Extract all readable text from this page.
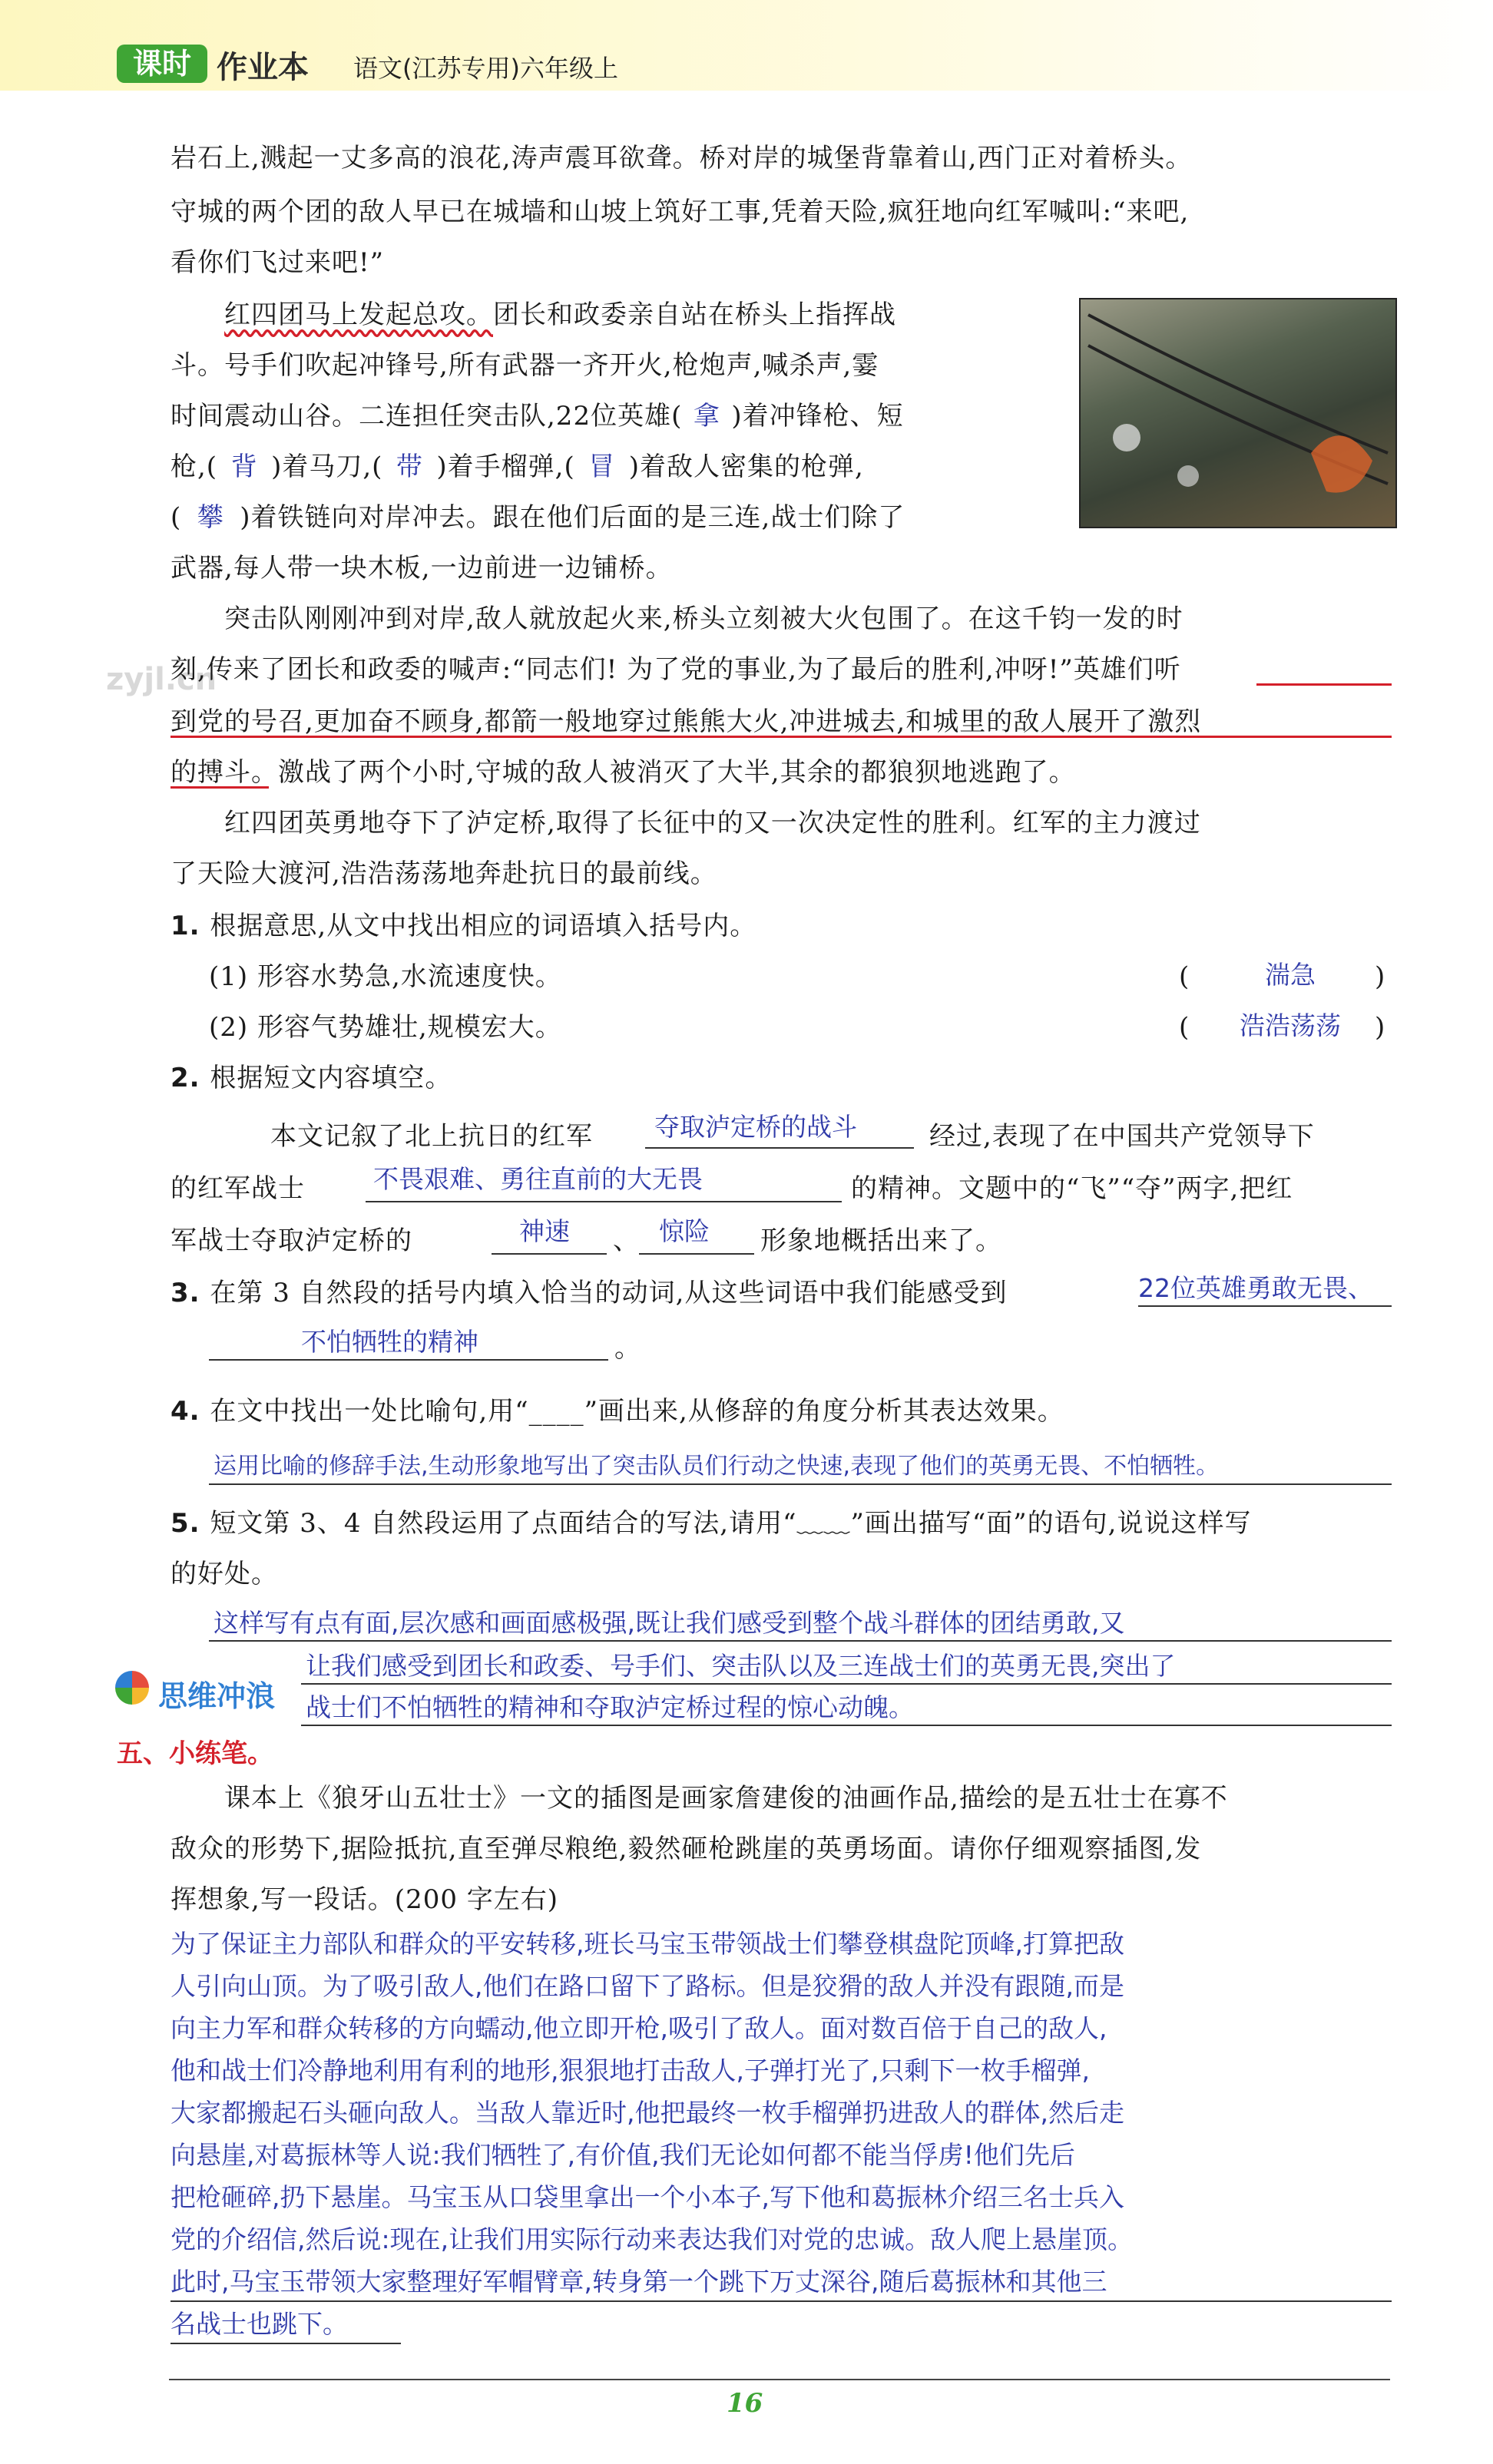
课时 作业本 语文(江苏专用)六年级上
zyjl.cn
岩石上,溅起一丈多高的浪花,涛声震耳欲聋。桥对岸的城堡背靠着山,西门正对着桥头。
守城的两个团的敌人早已在城墙和山坡上筑好工事,凭着天险,疯狂地向红军喊叫:“来吧,
看你们飞过来吧!”
红四团马上发起总攻。团长和政委亲自站在桥头上指挥战
斗。号手们吹起冲锋号,所有武器一齐开火,枪炮声,喊杀声,霎
时间震动山谷。二连担任突击队,22位英雄( 拿 )着冲锋枪、短
枪,( 背 )着马刀,( 带 )着手榴弹,( 冒 )着敌人密集的枪弹,
( 攀 )着铁链向对岸冲去。跟在他们后面的是三连,战士们除了
武器,每人带一块木板,一边前进一边铺桥。
突击队刚刚冲到对岸,敌人就放起火来,桥头立刻被大火包围了。在这千钧一发的时
刻,传来了团长和政委的喊声:“同志们! 为了党的事业,为了最后的胜利,冲呀!”英雄们听
到党的号召,更加奋不顾身,都箭一般地穿过熊熊大火,冲进城去,和城里的敌人展开了激烈
的搏斗。激战了两个小时,守城的敌人被消灭了大半,其余的都狼狈地逃跑了。
红四团英勇地夺下了泸定桥,取得了长征中的又一次决定性的胜利。红军的主力渡过
了天险大渡河,浩浩荡荡地奔赴抗日的最前线。
1. 根据意思,从文中找出相应的词语填入括号内。
(1) 形容水势急,水流速度快。	(	湍急	)
(2) 形容气势雄壮,规模宏大。	(	浩浩荡荡	)
2. 根据短文内容填空。
本文记叙了北上抗日的红军 夺取泸定桥的战斗	经过,表现了在中国共产党领导下
的红军战士	不畏艰难、勇往直前的大无畏	的精神。文题中的“飞”“夺”两字,把红
军战士夺取泸定桥的	神速 、 惊险 形象地概括出来了。
3. 在第 3 自然段的括号内填入恰当的动词,从这些词语中我们能感受到	22位英雄勇敢无畏、
不怕牺牲的精神	。
4. 在文中找出一处比喻句,用“____”画出来,从修辞的角度分析其表达效果。
运用比喻的修辞手法,生动形象地写出了突击队员们行动之快速,表现了他们的英勇无畏、不怕牺牲。
5. 短文第 3、4 自然段运用了点面结合的写法,请用“﹏﹏”画出描写“面”的语句,说说这样写
的好处。
这样写有点有面,层次感和画面感极强,既让我们感受到整个战斗群体的团结勇敢,又
让我们感受到团长和政委、号手们、突击队以及三连战士们的英勇无畏,突出了
战士们不怕牺牲的精神和夺取泸定桥过程的惊心动魄。
思维冲浪
五、小练笔。
课本上《狼牙山五壮士》一文的插图是画家詹建俊的油画作品,描绘的是五壮士在寡不
敌众的形势下,据险抵抗,直至弹尽粮绝,毅然砸枪跳崖的英勇场面。请你仔细观察插图,发
挥想象,写一段话。(200 字左右)
为了保证主力部队和群众的平安转移,班长马宝玉带领战士们攀登棋盘陀顶峰,打算把敌
人引向山顶。为了吸引敌人,他们在路口留下了路标。但是狡猾的敌人并没有跟随,而是
向主力军和群众转移的方向蠕动,他立即开枪,吸引了敌人。面对数百倍于自己的敌人,
他和战士们冷静地利用有利的地形,狠狠地打击敌人,子弹打光了,只剩下一枚手榴弹,
大家都搬起石头砸向敌人。当敌人靠近时,他把最终一枚手榴弹扔进敌人的群体,然后走
向悬崖,对葛振林等人说:我们牺牲了,有价值,我们无论如何都不能当俘虏!他们先后
把枪砸碎,扔下悬崖。马宝玉从口袋里拿出一个小本子,写下他和葛振林介绍三名士兵入
党的介绍信,然后说:现在,让我们用实际行动来表达我们对党的忠诚。敌人爬上悬崖顶。
此时,马宝玉带领大家整理好军帽臂章,转身第一个跳下万丈深谷,随后葛振林和其他三
名战士也跳下。
16
